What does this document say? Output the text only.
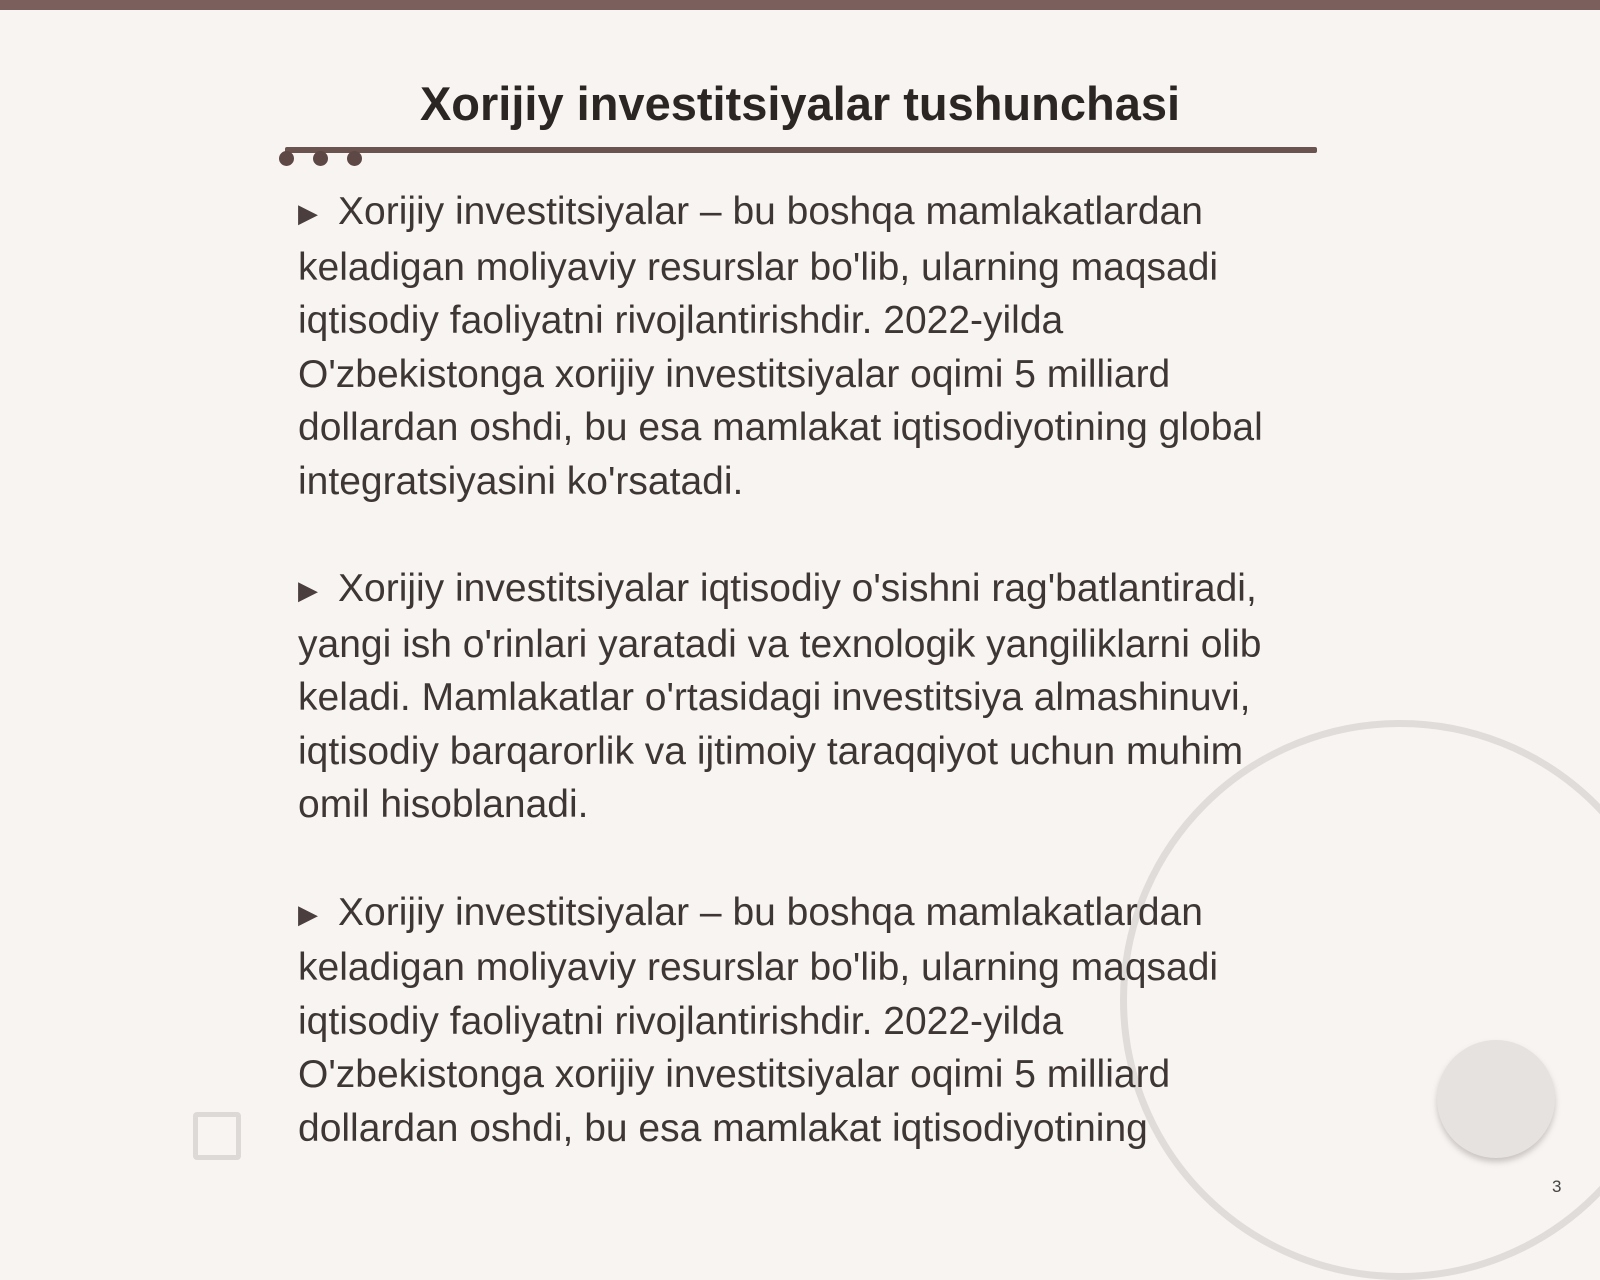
Xorijiy investitsiyalar tushunchasi

▶ Xorijiy investitsiyalar – bu boshqa mamlakatlardan keladigan moliyaviy resurslar bo'lib, ularning maqsadi iqtisodiy faoliyatni rivojlantirishdir. 2022-yilda O'zbekistonga xorijiy investitsiyalar oqimi 5 milliard dollardan oshdi, bu esa mamlakat iqtisodiyotining global integratsiyasini ko'rsatadi.

▶ Xorijiy investitsiyalar iqtisodiy o'sishni rag'batlantiradi, yangi ish o'rinlari yaratadi va texnologik yangiliklarni olib keladi. Mamlakatlar o'rtasidagi investitsiya almashinuvi, iqtisodiy barqarorlik va ijtimoiy taraqqiyot uchun muhim omil hisoblanadi.

▶ Xorijiy investitsiyalar – bu boshqa mamlakatlardan keladigan moliyaviy resurslar bo'lib, ularning maqsadi iqtisodiy faoliyatni rivojlantirishdir. 2022-yilda O'zbekistonga xorijiy investitsiyalar oqimi 5 milliard dollardan oshdi, bu esa mamlakat iqtisodiyotining

3
